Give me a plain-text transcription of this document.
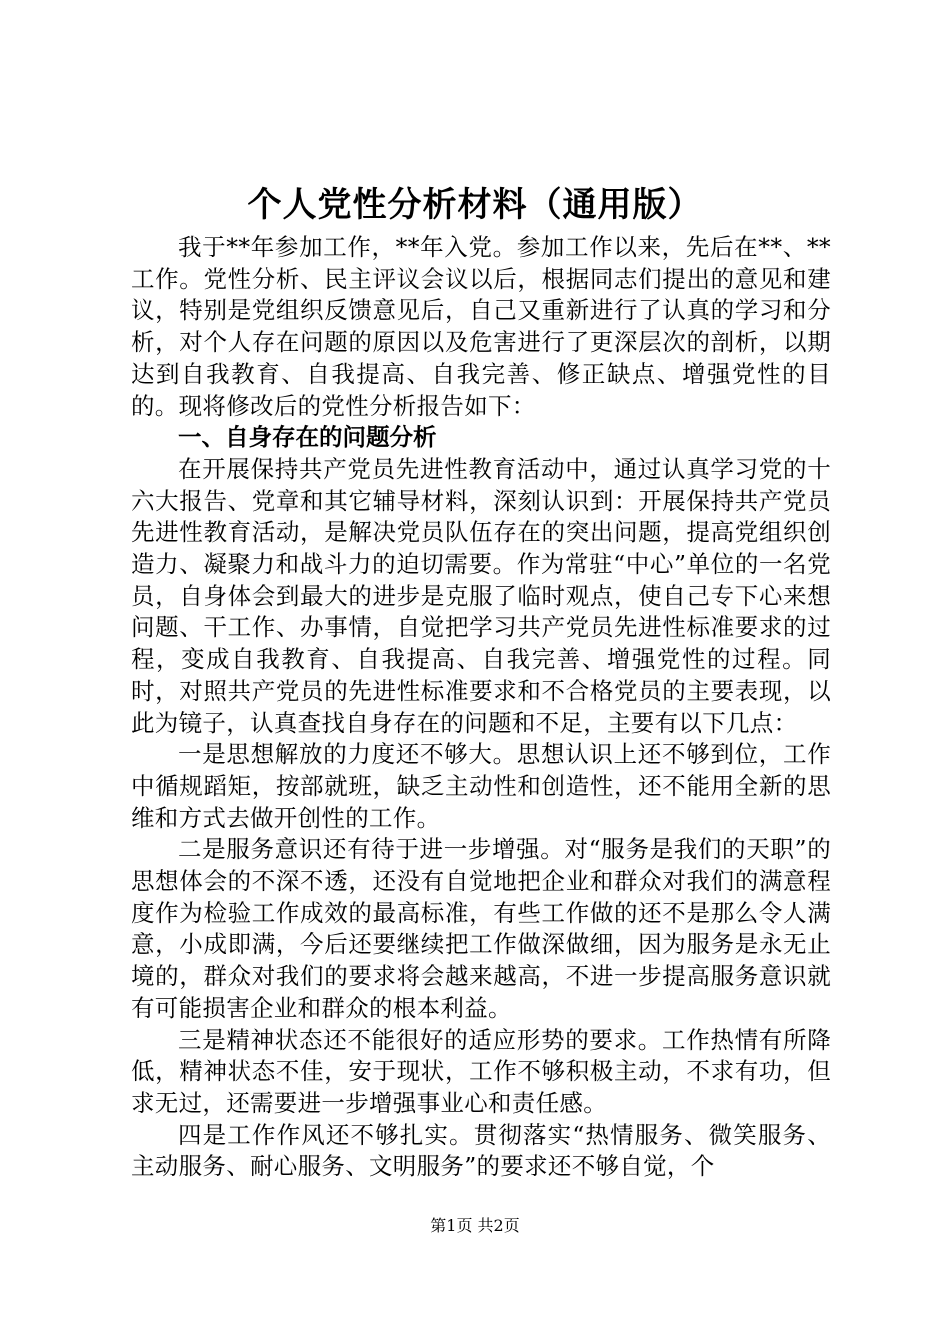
个人党性分析材料（通用版）

我于**年参加工作，**年入党。参加工作以来，先后在**、**工作。党性分析、民主评议会议以后，根据同志们提出的意见和建议，特别是党组织反馈意见后，自己又重新进行了认真的学习和分析，对个人存在问题的原因以及危害进行了更深层次的剖析，以期达到自我教育、自我提高、自我完善、修正缺点、增强党性的目的。现将修改后的党性分析报告如下：

一、自身存在的问题分析

在开展保持共产党员先进性教育活动中，通过认真学习党的十六大报告、党章和其它辅导材料，深刻认识到：开展保持共产党员先进性教育活动，是解决党员队伍存在的突出问题，提高党组织创造力、凝聚力和战斗力的迫切需要。作为常驻“中心”单位的一名党员，自身体会到最大的进步是克服了临时观点，使自己专下心来想问题、干工作、办事情，自觉把学习共产党员先进性标准要求的过程，变成自我教育、自我提高、自我完善、增强党性的过程。同时，对照共产党员的先进性标准要求和不合格党员的主要表现，以此为镜子，认真查找自身存在的问题和不足，主要有以下几点：

一是思想解放的力度还不够大。思想认识上还不够到位，工作中循规蹈矩，按部就班，缺乏主动性和创造性，还不能用全新的思维和方式去做开创性的工作。

二是服务意识还有待于进一步增强。对“服务是我们的天职”的思想体会的不深不透，还没有自觉地把企业和群众对我们的满意程度作为检验工作成效的最高标准，有些工作做的还不是那么令人满意，小成即满，今后还要继续把工作做深做细，因为服务是永无止境的，群众对我们的要求将会越来越高，不进一步提高服务意识就有可能损害企业和群众的根本利益。

三是精神状态还不能很好的适应形势的要求。工作热情有所降低，精神状态不佳，安于现状，工作不够积极主动，不求有功，但求无过，还需要进一步增强事业心和责任感。

四是工作作风还不够扎实。贯彻落实“热情服务、微笑服务、主动服务、耐心服务、文明服务”的要求还不够自觉，个

第1页 共2页
